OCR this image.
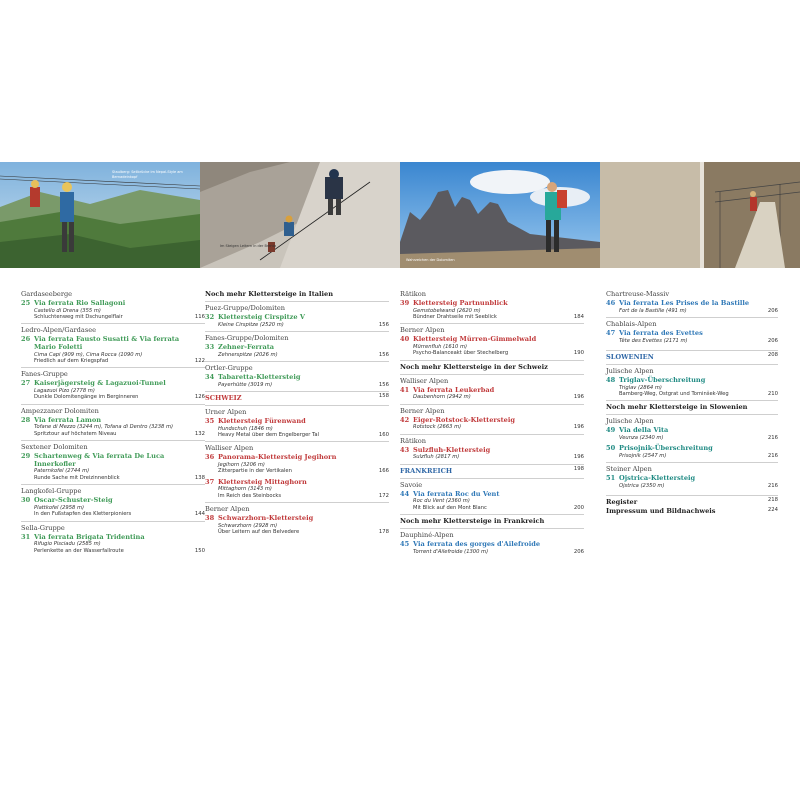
Staulberg: Seilbrücke im Nepal-Style am Bernadeinkopf
Im Steigen Leitern in der Brenta
Wahrzeichen der Dolomiten
Gardaseeberge
25 Via ferrata Rio Sallagoni
Castello di Drena (355 m)
Schluchtenweg mit Dschungelflair	116
Ledro-Alpen/Gardasee
26 Via ferrata Fausto Susatti & Via ferrata
Mario Foletti
Cima Capi (909 m), Cima Rocca (1090 m)
Friedlich auf dem Kriegspfad	122
Fanes-Gruppe
27 Kaiserjägersteig & Lagazuoi-Tunnel
Lagazuoi Pizo (2778 m)
Dunkle Dolomitengänge im Berginneren	126
Ampezzaner Dolomiten
28 Via ferrata Lamon
Tofane di Mezzo (3244 m), Tofana di Dentro (3238 m)
Spritztour auf höchstem Niveau	132
Sextener Dolomiten
29 Schartenweg & Via ferrata De Luca
Innerkofler
Paternkofel (2744 m)
Runde Sache mit Dreizinnenblick	138
Langkofel-Gruppe
30 Oscar-Schuster-Steig
Plattkofel (2958 m)
In den Fußstapfen des Kletterpioniers	144
Sella-Gruppe
31 Via ferrata Brigata Tridentina
Rifugio Pisciadu (2585 m)
Perlenkette an der Wasserfallroute	150
Noch mehr Klettersteige in Italien
Puez-Gruppe/Dolomiten
32 Klettersteig Cirspitze V
Kleine Cirspitze (2520 m)	156
Fanes-Gruppe/Dolomiten
33 Zehner-Ferrata
Zehnerspitze (2026 m)	156
Ortler-Gruppe
34 Tabaretta-Klettersteig
Payerhütte (3019 m)	156
SCHWEIZ	158
Urner Alpen
35 Klettersteig Fürenwand
Hundschuh (1846 m)
Heavy Metal über dem Engelberger Tal	160
Walliser Alpen
36 Panorama-Klettersteig Jegihorn
Jegihorn (3206 m)
Zitterpartie in der Vertikalen	166
37 Klettersteig Mittaghorn
Mittaghorn (3143 m)
Im Reich des Steinbocks	172
Berner Alpen
38 Schwarzhorn-Klettersteig
Schwarzhorn (2928 m)
Über Leitern auf den Belvedere	178
Rätikon
39 Klettersteig Partnunblick
Gemstobelwand (2620 m)
Bündner Drahtseile mit Seeblick	184
Berner Alpen
40 Klettersteig Mürren-Gimmelwald
Mürrenfluh (1610 m)
Psycho-Balanceakt über Stechelberg	190
Noch mehr Klettersteige in der Schweiz
Walliser Alpen
41 Via ferrata Leukerbad
Daubenhorn (2942 m)	196
Berner Alpen
42 Eiger-Rotstock-Klettersteig
Rotstock (2663 m)	196
Rätikon
43 Sulzfluh-Klettersteig
Sulzfluh (2817 m)	196
FRANKREICH	198
Savoie
44 Via ferrata Roc du Vent
Roc du Vent (2360 m)
Mit Blick auf den Mont Blanc	200
Noch mehr Klettersteige in Frankreich
Dauphiné-Alpen
45 Via ferrata des gorges d'Ailefroide
Torrent d'Ailefroide (1300 m)	206
Chartreuse-Massiv
46 Via ferrata Les Prises de la Bastille
Fort de la Bastille (491 m)	206
Chablais-Alpen
47 Via ferrata des Evettes
Tête des Evettes (2171 m)	206
SLOWENIEN	208
Julische Alpen
48 Triglav-Überschreitung
Triglav (2864 m)
Bamberg-Weg, Ostgrat und Tominšek-Weg	210
Noch mehr Klettersteige in Slowenien
Julische Alpen
49 Via della Vita
Veunza (2340 m)	216
50 Prisojnik-Überschreitung
Prisojnik (2547 m)	216
Steiner Alpen
51 Ojstrica-Klettersteig
Ojstrica (2350 m)	216
Register	218
Impressum und Bildnachweis	224
